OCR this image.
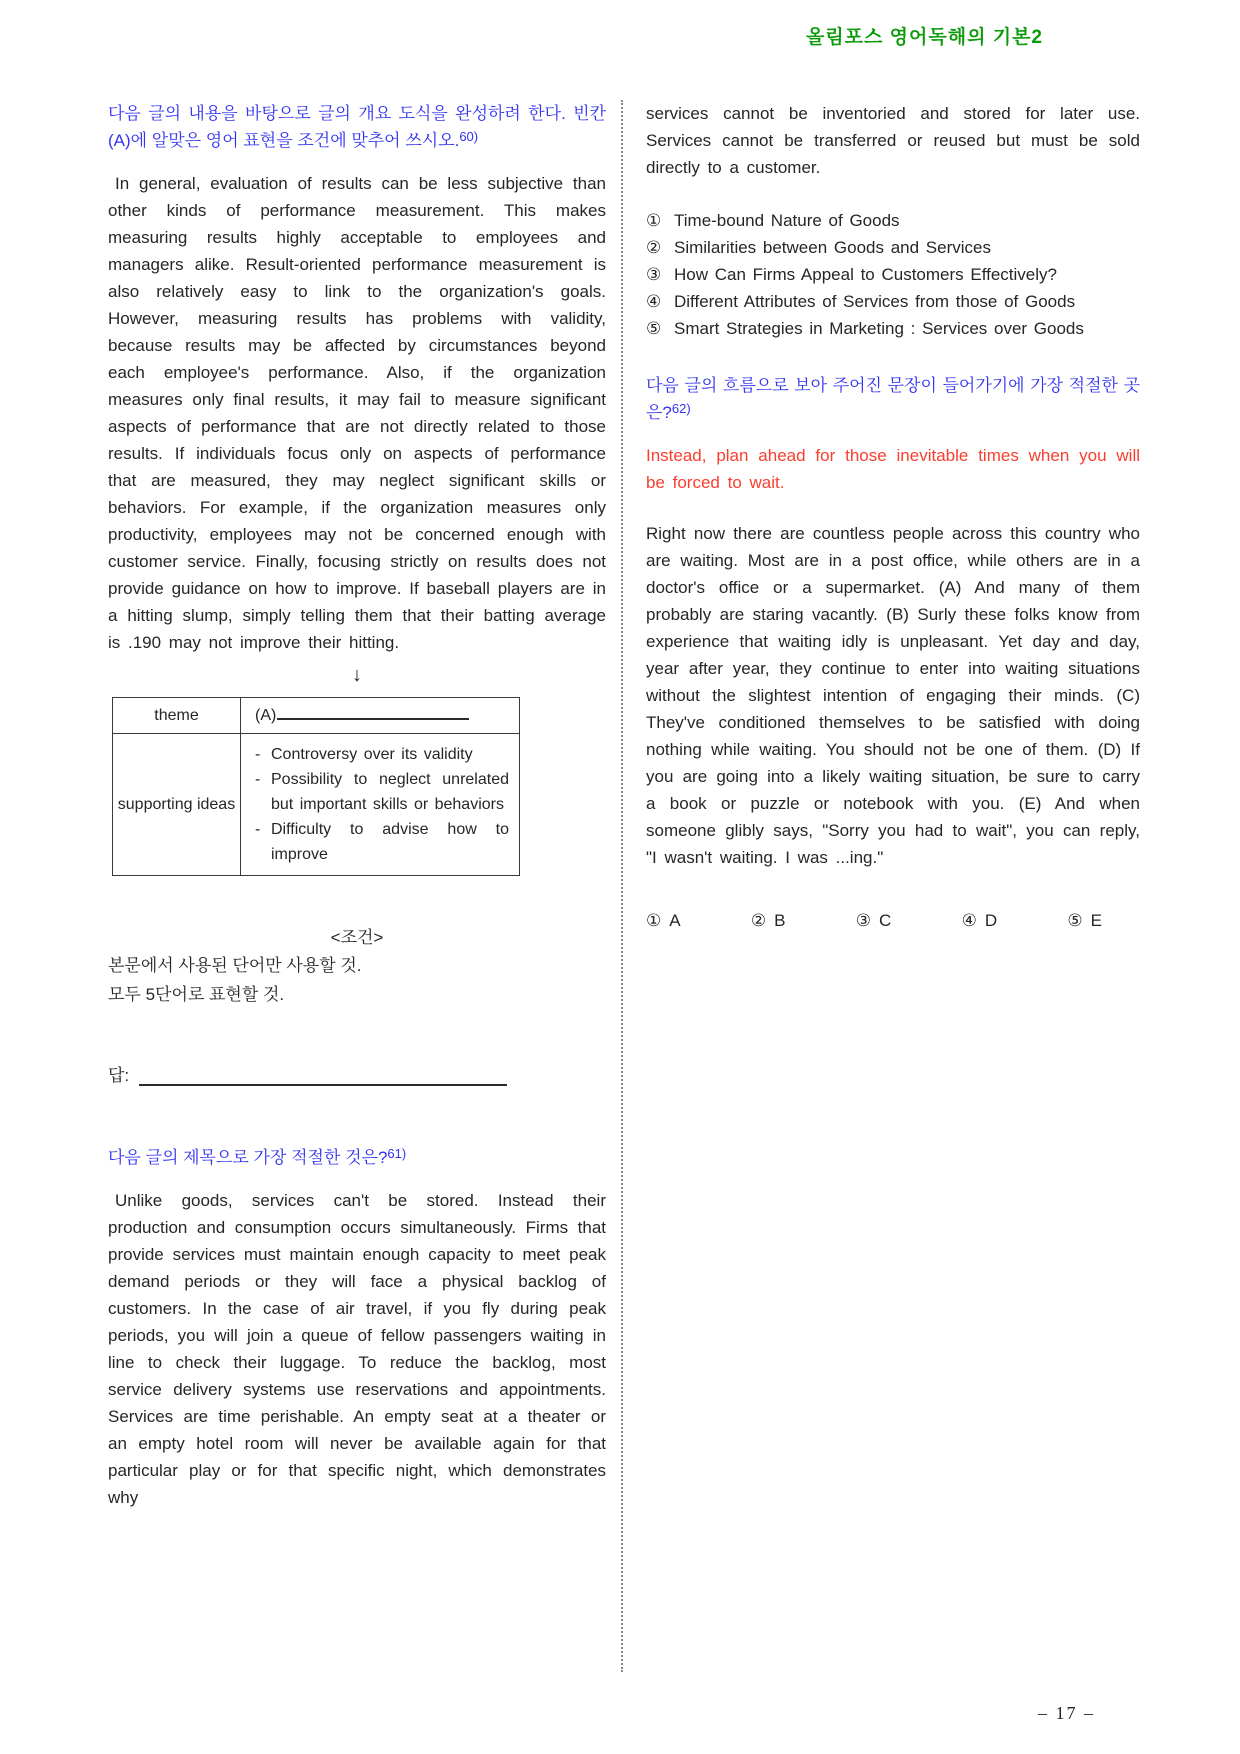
올림포스 영어독해의 기본2
다음 글의 내용을 바탕으로 글의 개요 도식을 완성하려 한다. 빈칸 (A)에 알맞은 영어 표현을 조건에 맞추어 쓰시오.$^{60)}$

In general, evaluation of results can be less subjective than other kinds of performance measurement. This makes measuring results highly acceptable to employees and managers alike. Result-oriented performance measurement is also relatively easy to link to the organization's goals. However, measuring results has problems with validity, because results may be affected by circumstances beyond each employee's performance. Also, if the organization measures only final results, it may fail to measure significant aspects of performance that are not directly related to those results. If individuals focus only on aspects of performance that are measured, they may neglect significant skills or behaviors. For example, if the organization measures only productivity, employees may not be concerned enough with customer service. Finally, focusing strictly on results does not provide guidance on how to improve. If baseball players are in a hitting slump, simply telling them that their batting average is .190 may not improve their hitting.

↓
theme	(A)
supporting ideas	
- Controversy over its validity
- Possibility to neglect unrelated but important skills or behaviors
- Difficulty to advise how to improve
<조건>
본문에서 사용된 단어만 사용할 것.
모두 5단어로 표현할 것.
답:
다음 글의 제목으로 가장 적절한 것은?$^{61)}$

Unlike goods, services can't be stored. Instead their production and consumption occurs simultaneously. Firms that provide services must maintain enough capacity to meet peak demand periods or they will face a physical backlog of customers. In the case of air travel, if you fly during peak periods, you will join a queue of fellow passengers waiting in line to check their luggage. To reduce the backlog, most service delivery systems use reservations and appointments. Services are time perishable. An empty seat at a theater or an empty hotel room will never be available again for that particular play or for that specific night, which demonstrates why

services cannot be inventoried and stored for later use. Services cannot be transferred or reused but must be sold directly to a customer.

① Time-bound Nature of Goods
② Similarities between Goods and Services
③ How Can Firms Appeal to Customers Effectively?
④ Different Attributes of Services from those of Goods
⑤ Smart Strategies in Marketing : Services over Goods
다음 글의 흐름으로 보아 주어진 문장이 들어가기에 가장 적절한 곳은?$^{62)}$

Instead, plan ahead for those inevitable times when you will be forced to wait.

Right now there are countless people across this country who are waiting. Most are in a post office, while others are in a doctor's office or a supermarket. (A) And many of them probably are staring vacantly. (B) Surly these folks know from experience that waiting idly is unpleasant. Yet day and day, year after year, they continue to enter into waiting situations without the slightest intention of engaging their minds. (C) They've conditioned themselves to be satisfied with doing nothing while waiting. You should not be one of them. (D) If you are going into a likely waiting situation, be sure to carry a book or puzzle or notebook with you. (E) And when someone glibly says, "Sorry you had to wait", you can reply, "I wasn't waiting. I was ...ing."

① A	② B	③ C	④ D	⑤ E
– 17 –
